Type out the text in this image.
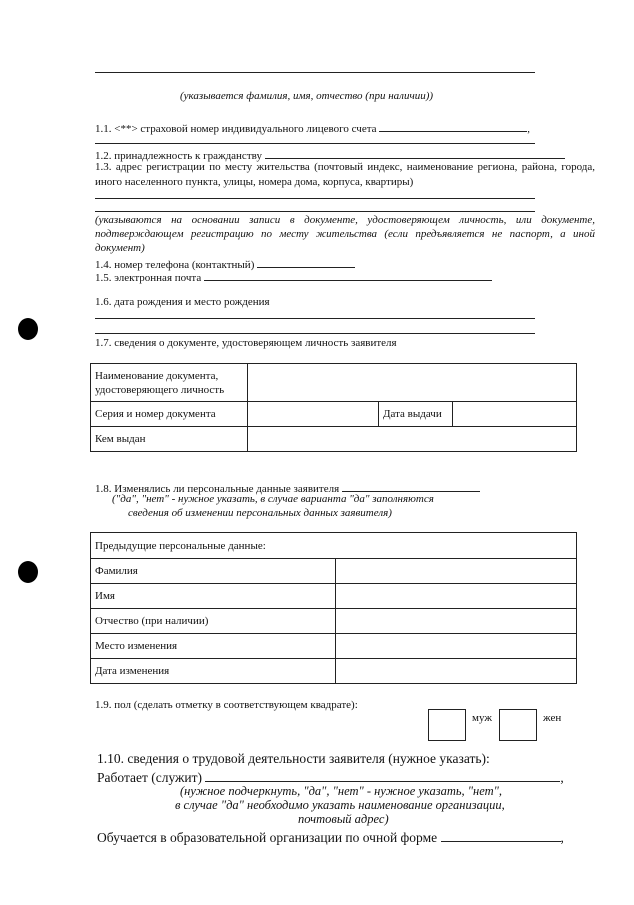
(указывается фамилия, имя, отчество (при наличии))
1.1. <**> страховой номер индивидуального лицевого счета	,
1.2. принадлежность к гражданству
1.3. адрес регистрации по месту жительства (почтовый индекс, наименование региона, района, города, иного населенного пункта, улицы, номера дома, корпуса, квартиры)
(указываются на основании записи в документе, удостоверяющем личность, или документе, подтверждающем регистрацию по месту жительства (если предъявляется не паспорт, а иной документ)
1.4. номер телефона (контактный)
1.5. электронная почта
1.6. дата рождения и место рождения
1.7. сведения о документе, удостоверяющем личность заявителя
Наименование документа, удостоверяющего личность			
Серия и номер документа		Дата выдачи	
Кем выдан			
1.8. Изменялись ли персональные данные заявителя
("да", "нет" - нужное указать, в случае варианта "да" заполняются
сведения об изменении персональных данных заявителя)
Предыдущие персональные данные:	
Фамилия	
Имя	
Отчество (при наличии)	
Место изменения	
Дата изменения	
1.9. пол (сделать отметку в соответствующем квадрате):
муж	жен
1.10. сведения о трудовой деятельности заявителя (нужное указать):
Работает (служит)	,
(нужное подчеркнуть, "да", "нет" - нужное указать, "нет",
в случае "да" необходимо указать наименование организации,
почтовый адрес)
Обучается в образовательной организации по очной форме	,
